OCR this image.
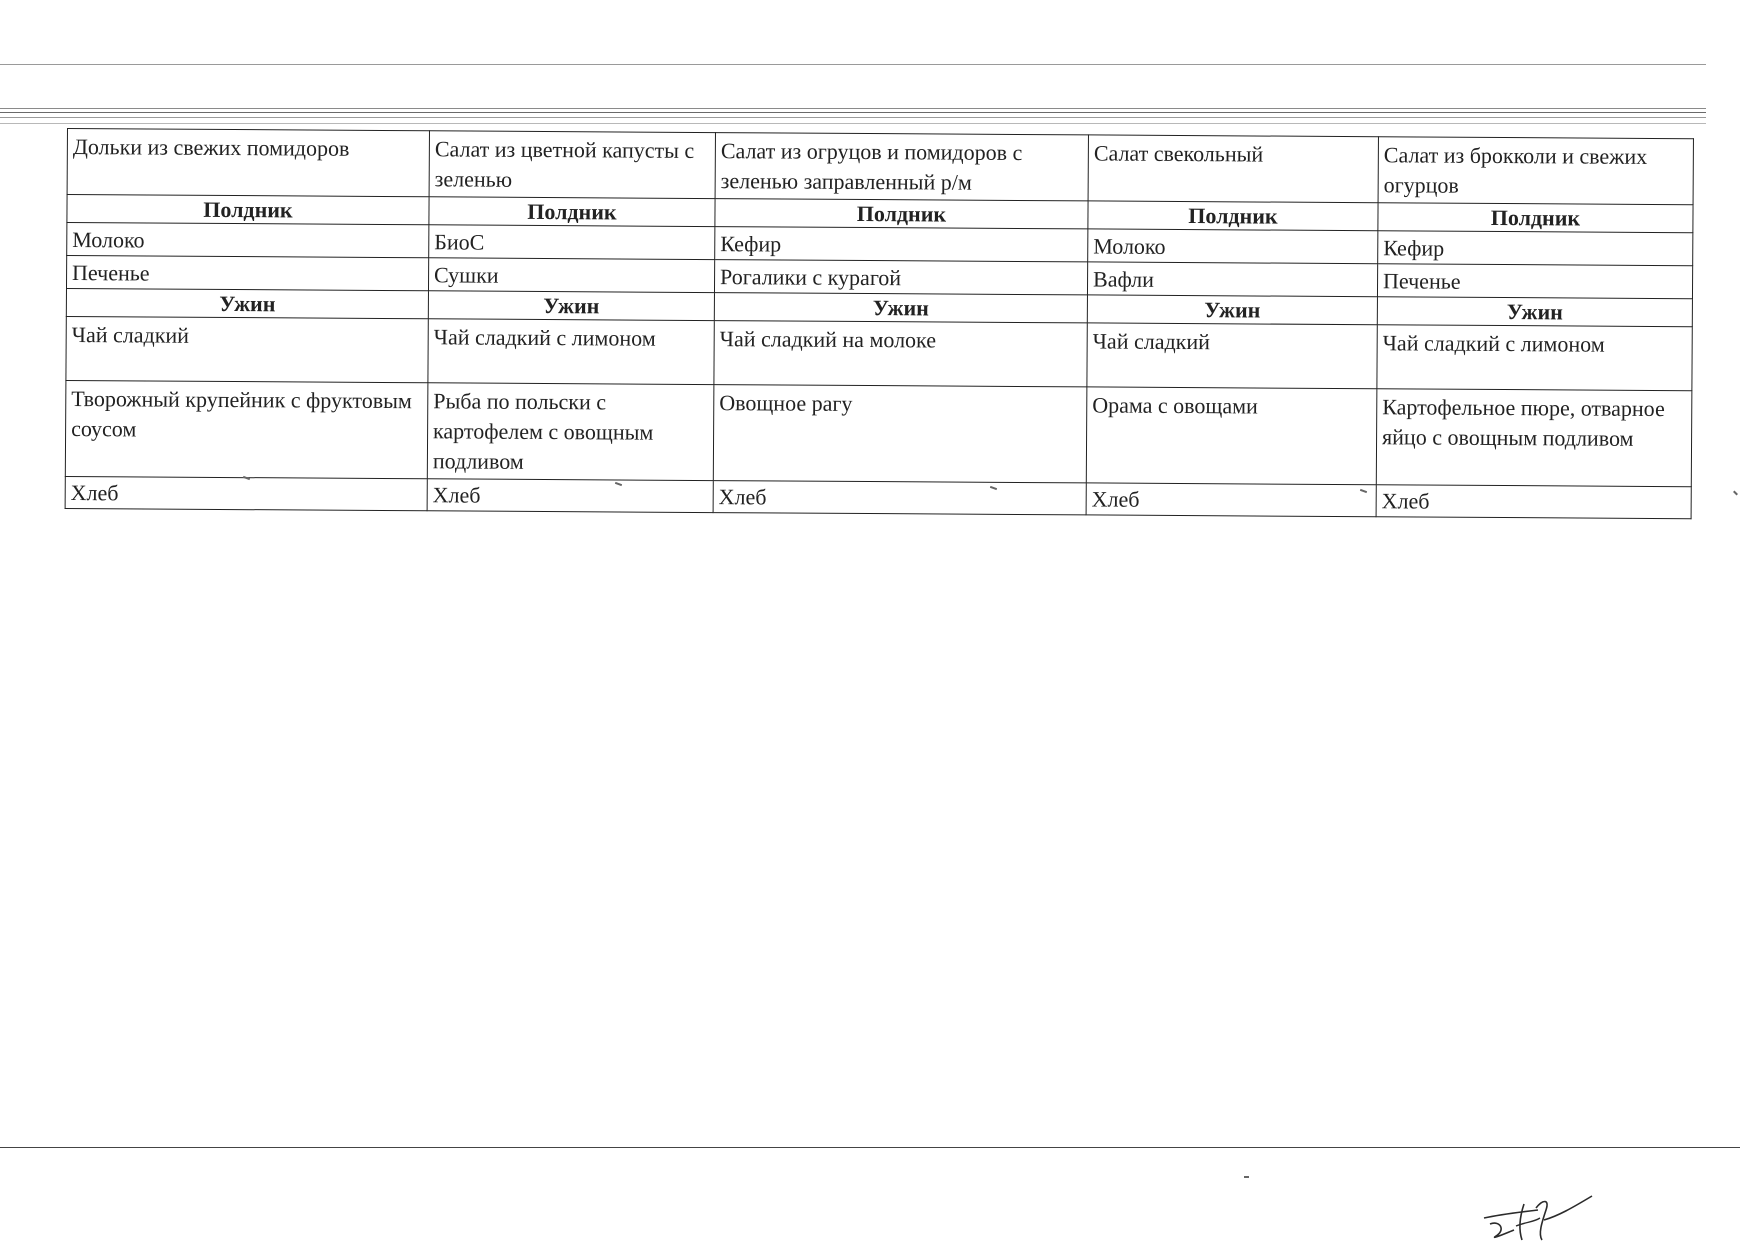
Дольки из свежих помидоров	Салат из цветной капусты с зеленью	Салат из огруцов и помидоров с зеленью заправленный р/м	Салат свекольный	Салат из брокколи и свежих огурцов
Полдник	Полдник	Полдник	Полдник	Полдник
Молоко	БиоС	Кефир	Молоко	Кефир
Печенье	Сушки	Рогалики с курагой	Вафли	Печенье
Ужин	Ужин	Ужин	Ужин	Ужин
Чай сладкий	Чай сладкий с лимоном	Чай сладкий на молоке	Чай сладкий	Чай сладкий с лимоном
Творожный крупейник с фруктовым соусом	Рыба по польски с картофелем с овощным подливом	Овощное рагу	Орама с овощами	Картофельное пюре, отварное яйцо с овощным подливом
Хлеб	Хлеб	Хлеб	Хлеб	Хлеб
